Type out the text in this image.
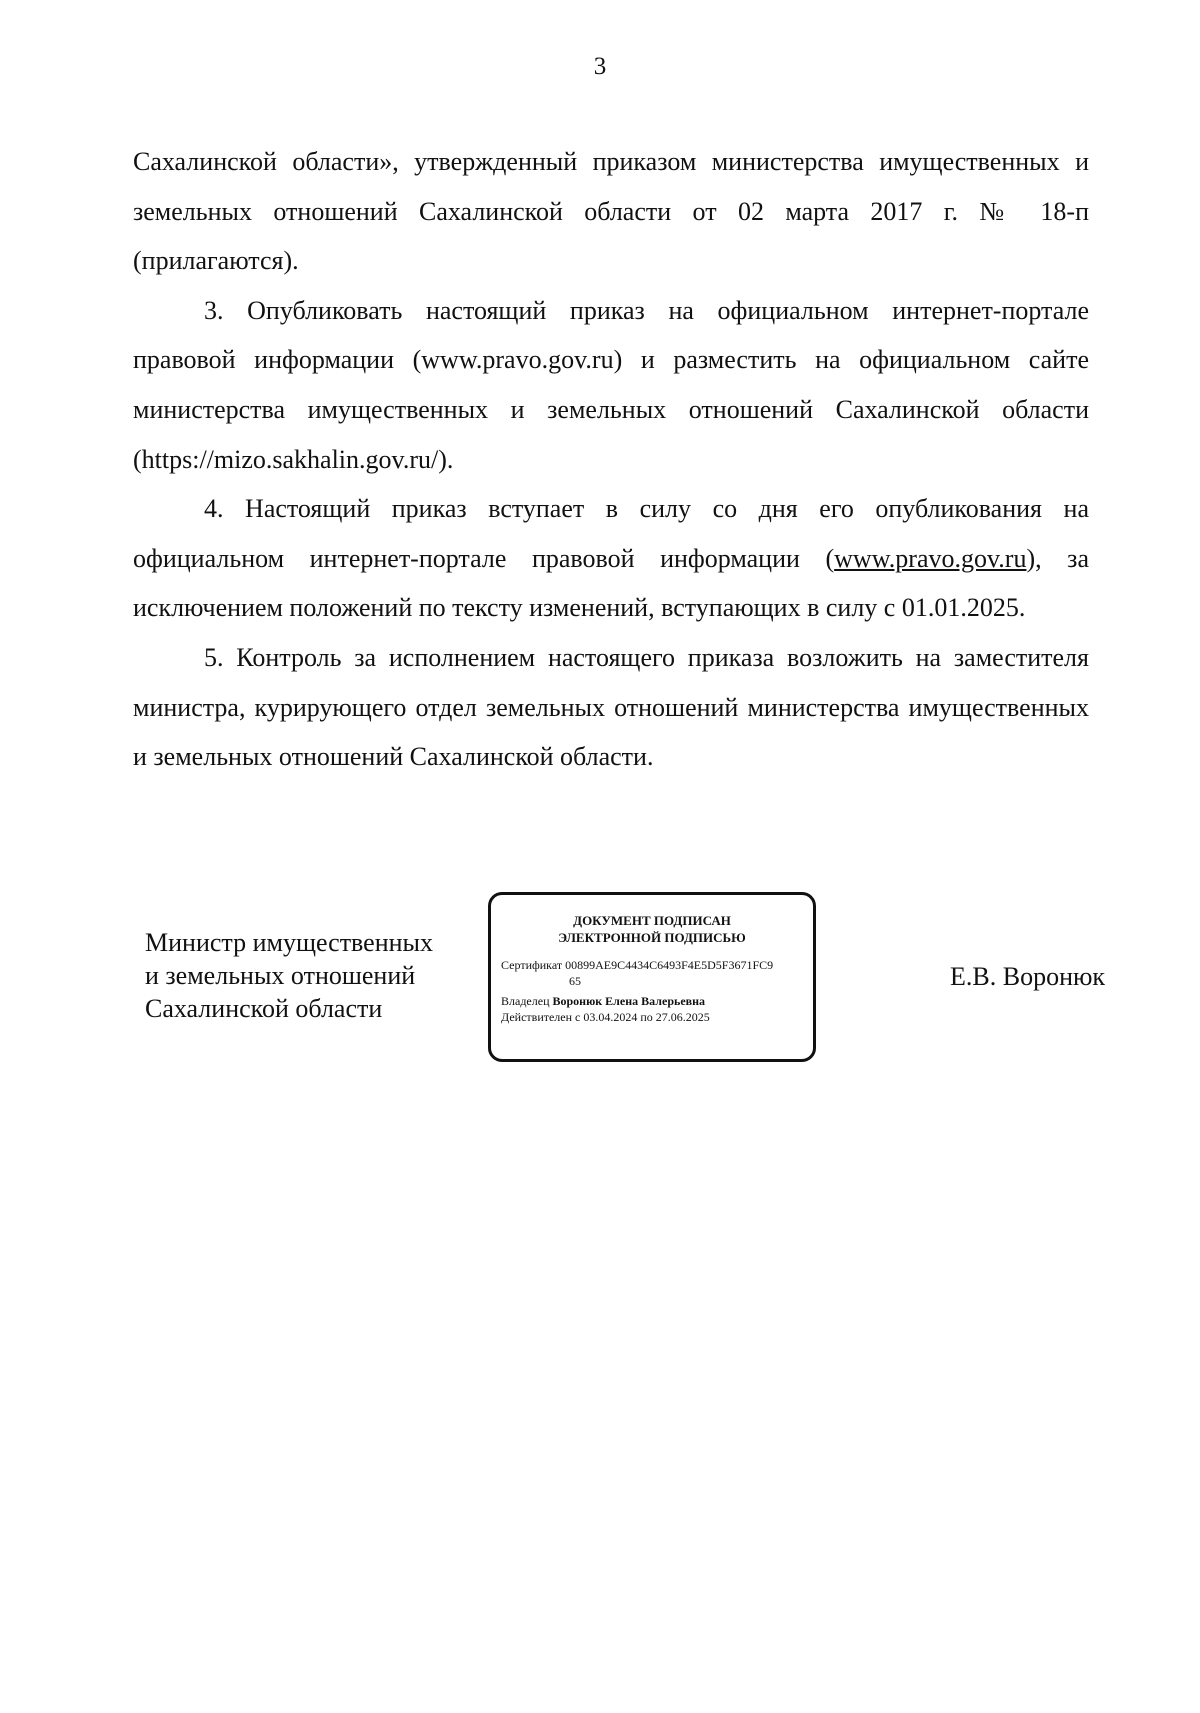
3

Сахалинской области», утвержденный приказом министерства имущественных и земельных отношений Сахалинской области от 02 марта 2017 г. № 18-п (прилагаются).

3. Опубликовать настоящий приказ на официальном интернет-портале правовой информации (www.pravo.gov.ru) и разместить на официальном сайте министерства имущественных и земельных отношений Сахалинской области (https://mizo.sakhalin.gov.ru/).

4. Настоящий приказ вступает в силу со дня его опубликования на официальном интернет-портале правовой информации (www.pravo.gov.ru), за исключением положений по тексту изменений, вступающих в силу с 01.01.2025.

5. Контроль за исполнением настоящего приказа возложить на заместителя министра, курирующего отдел земельных отношений министерства имущественных и земельных отношений Сахалинской области.

Министр имущественных
и земельных отношений
Сахалинской области
ДОКУМЕНТ ПОДПИСАН
ЭЛЕКТРОННОЙ ПОДПИСЬЮ
Сертификат 00899AE9C4434C6493F4E5D5F3671FC9
65
Владелец Воронюк Елена Валерьевна
Действителен с 03.04.2024 по 27.06.2025
Е.В. Воронюк
